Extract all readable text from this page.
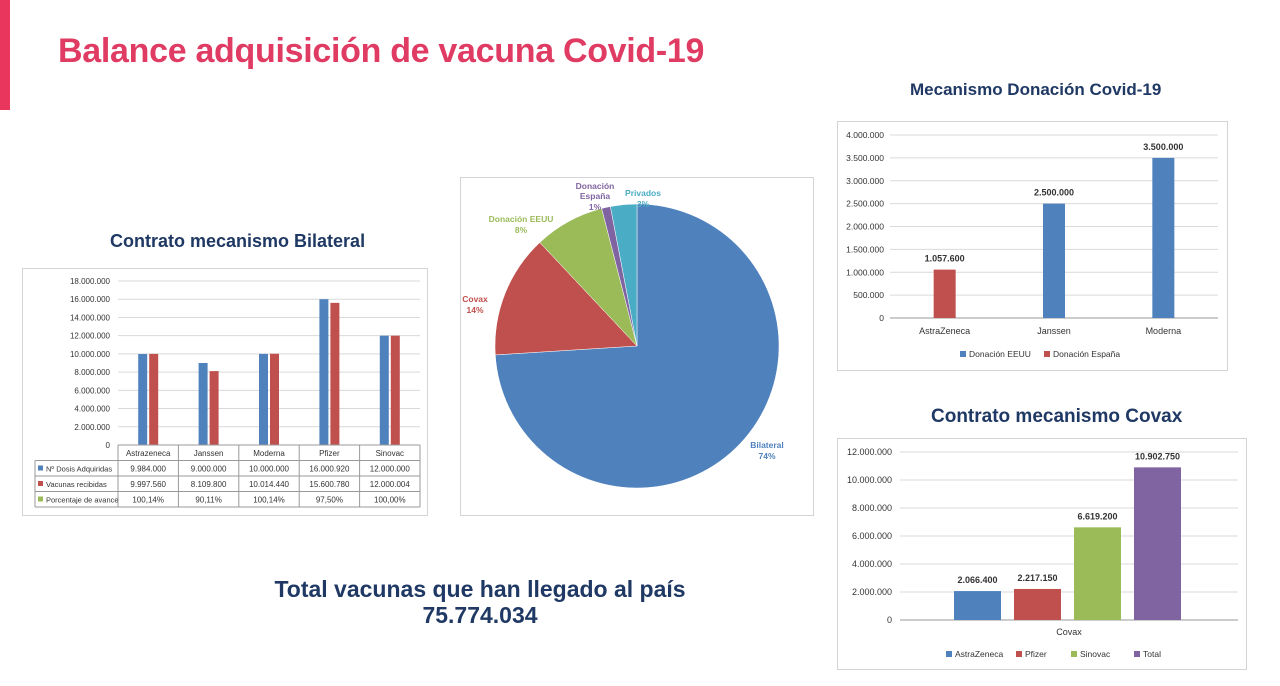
Balance adquisición de vacuna Covid-19
Contrato mecanismo Bilateral
0
2.000.000
4.000.000
6.000.000
8.000.000
10.000.000
12.000.000
14.000.000
16.000.000
18.000.000
Astrazeneca	Janssen	Moderna	Pfizer	Sinovac
Nº Dosis Adquiridas 9.984.000	9.000.000	10.000.000	16.000.920	12.000.000
Vacunas recibidas	9.997.560	8.109.800	10.014.440	15.600.780	12.000.004
Porcentaje de avance 100,14%	90,11%	100,14%	97,50%	100,00%
Bilateral
74%
Covax
14%
Donación EEUU
8%
Donación
España
1%
Privados
3%
Mecanismo Donación Covid-19
0
500.000
1.000.000
1.500.000
2.000.000
2.500.000
3.000.000
3.500.000
4.000.000
1.057.600
AstraZeneca
2.500.000
Janssen
3.500.000
Moderna
Donación EEUU	Donación España
Contrato mecanismo Covax
0
2.000.000
4.000.000
6.000.000
8.000.000
10.000.000
12.000.000
2.066.400 2.217.150
6.619.200
10.902.750
Covax
AstraZeneca	Pfizer	Sinovac	Total
Total vacunas que han llegado al país
75.774.034
